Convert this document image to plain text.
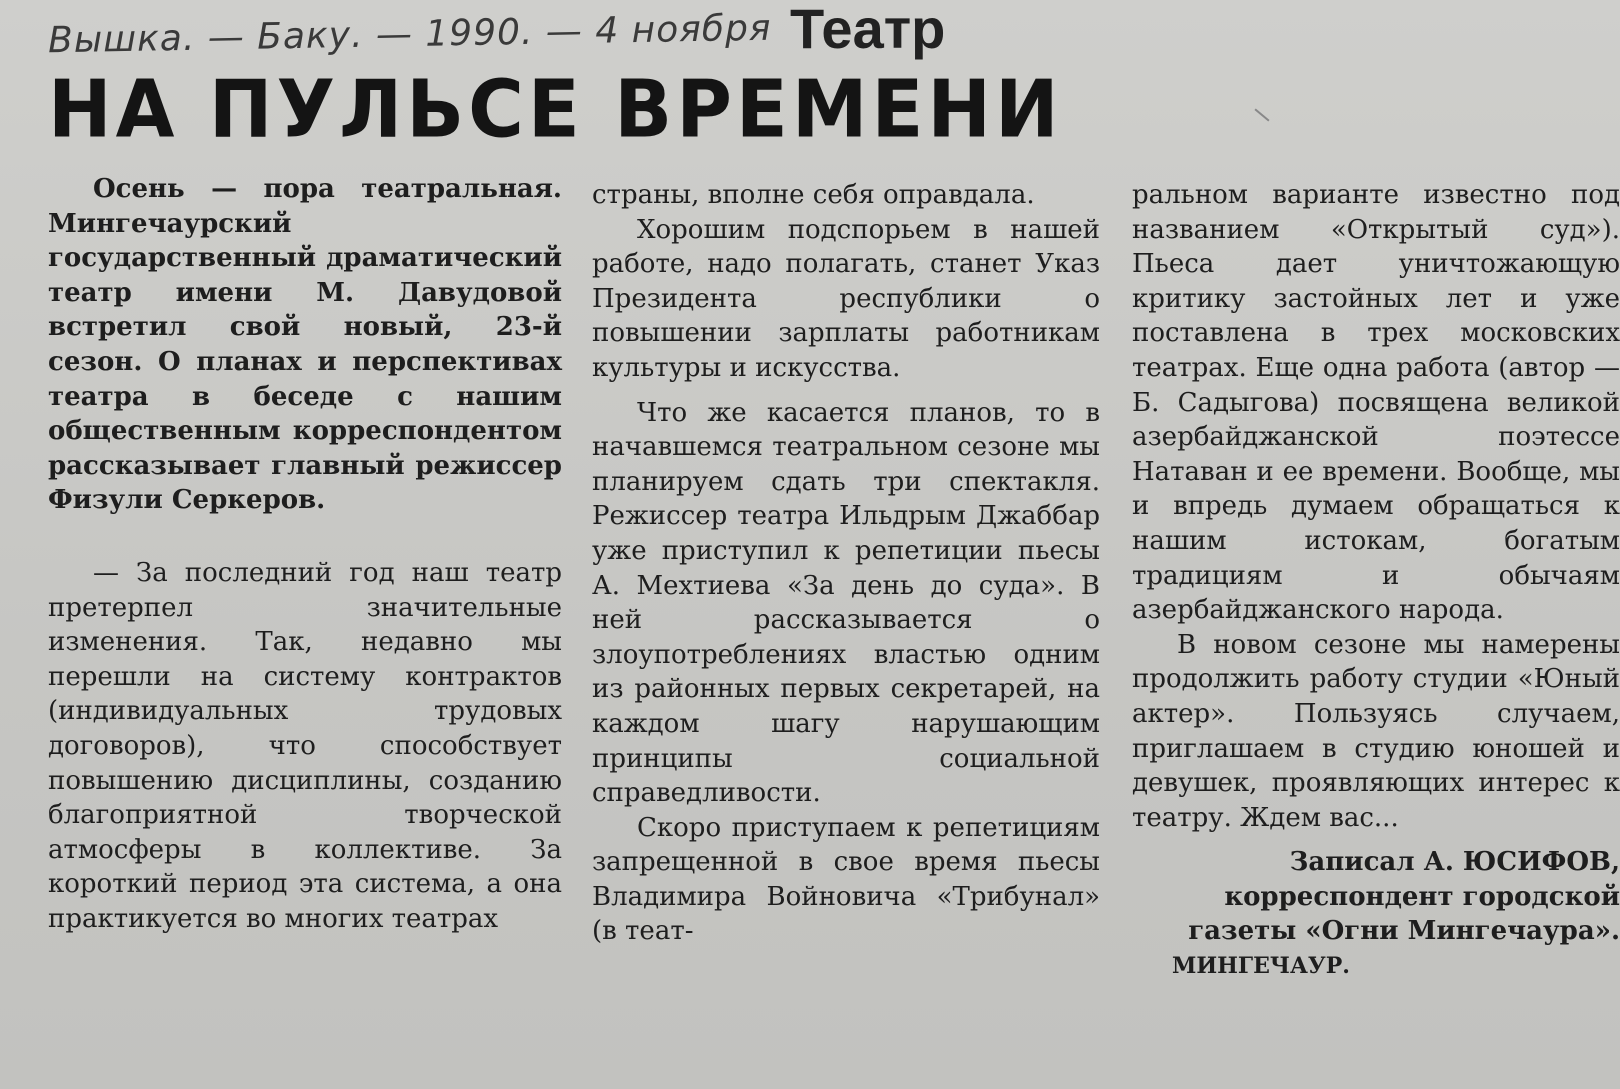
Вышка. — Баку. — 1990. — 4 ноября Театр
НА ПУЛЬСЕ ВРЕМЕНИ

Осень — пора театральная. Мингечаурский государственный драматический театр имени М. Давудовой встретил свой новый, 23-й сезон. О планах и перспективах театра в беседе с нашим общественным корреспондентом рассказывает главный режиссер Физули Серкеров.

— За последний год наш театр претерпел значительные изменения. Так, недавно мы перешли на систему контрактов (индивидуальных трудовых договоров), что способствует повышению дисциплины, созданию благоприятной творческой атмосферы в коллективе. За короткий период эта система, а она практикуется во многих театрах

страны, вполне себя оправдала.

Хорошим подспорьем в нашей работе, надо полагать, станет Указ Президента республики о повышении зарплаты работникам культуры и искусства.

Что же касается планов, то в начавшемся театральном сезоне мы планируем сдать три спектакля. Режиссер театра Ильдрым Джаббар уже приступил к репетиции пьесы А. Мехтиева «За день до суда». В ней рассказывается о злоупотреблениях властью одним из районных первых секретарей, на каждом шагу нарушающим принципы социальной справедливости.

Скоро приступаем к репетициям запрещенной в свое время пьесы Владимира Войновича «Трибунал» (в теат-

ральном варианте известно под названием «Открытый суд»). Пьеса дает уничтожающую критику застойных лет и уже поставлена в трех московских театрах. Еще одна работа (автор — Б. Садыгова) посвящена великой азербайджанской поэтессе Натаван и ее времени. Вообще, мы и впредь думаем обращаться к нашим истокам, богатым традициям и обычаям азербайджанского народа.

В новом сезоне мы намерены продолжить работу студии «Юный актер». Пользуясь случаем, приглашаем в студию юношей и девушек, проявляющих интерес к театру. Ждем вас...

Записал А. ЮСИФОВ,

корреспондент городской

газеты «Огни Мингечаура».

МИНГЕЧАУР.
